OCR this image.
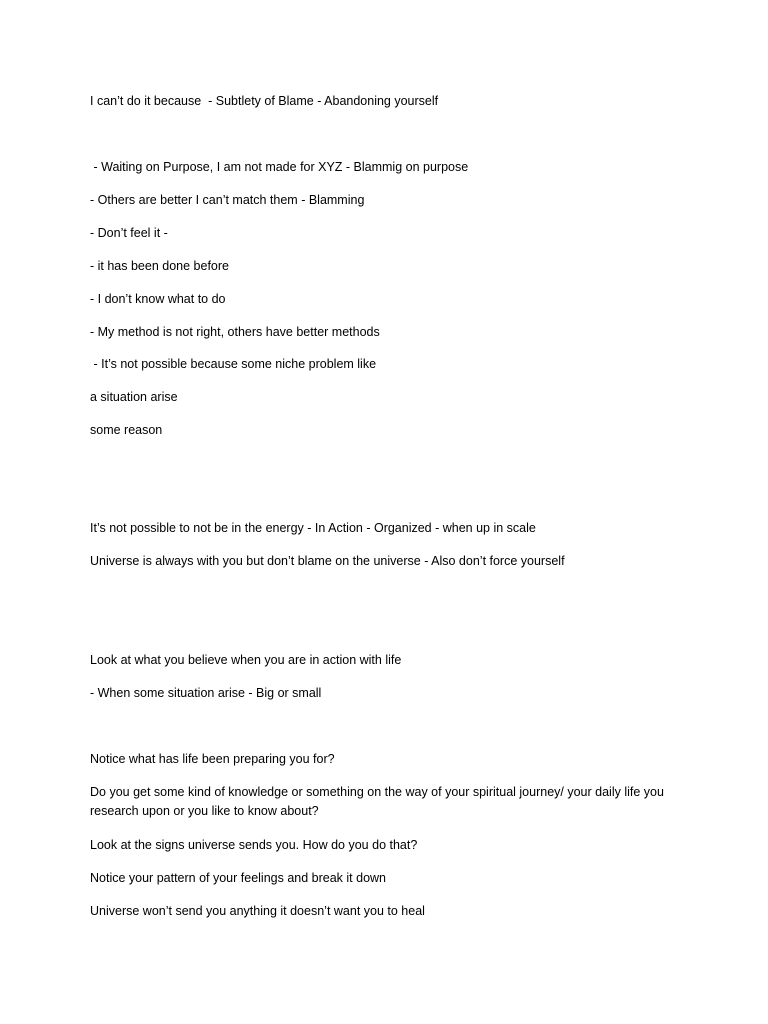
I can’t do it because  - Subtlety of Blame - Abandoning yourself

- Waiting on Purpose, I am not made for XYZ - Blammig on purpose

- Others are better I can’t match them - Blamming

- Don’t feel it -

- it has been done before

- I don’t know what to do

- My method is not right, others have better methods

- It’s not possible because some niche problem like

a situation arise

some reason

It’s not possible to not be in the energy - In Action - Organized - when up in scale

Universe is always with you but don’t blame on the universe - Also don’t force yourself

Look at what you believe when you are in action with life

- When some situation arise - Big or small

Notice what has life been preparing you for?

Do you get some kind of knowledge or something on the way of your spiritual journey/ your daily life you research upon or you like to know about?

Look at the signs universe sends you. How do you do that?

Notice your pattern of your feelings and break it down

Universe won’t send you anything it doesn’t want you to heal
